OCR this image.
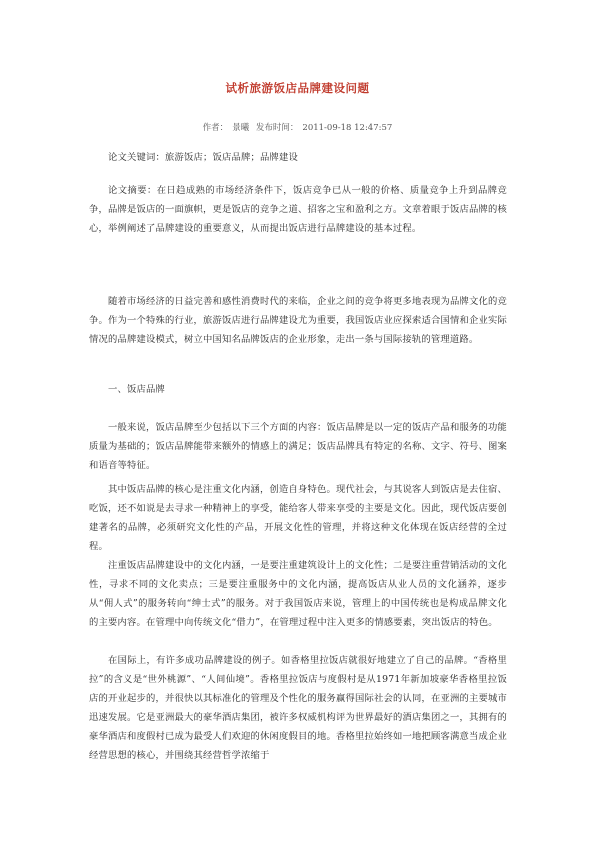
试析旅游饭店品牌建设问题
作者： 景曦 发布时间： 2011-09-18 12:47:57

论文关键词：旅游饭店；饭店品牌；品牌建设

论文摘要：在日趋成熟的市场经济条件下，饭店竞争已从一般的价格、质量竞争上升到品牌竞争，品牌是饭店的一面旗帜，更是饭店的竞争之道、招客之宝和盈利之方。文章着眼于饭店品牌的核心，举例阐述了品牌建设的重要意义，从而提出饭店进行品牌建设的基本过程。

随着市场经济的日益完善和感性消费时代的来临，企业之间的竞争将更多地表现为品牌文化的竞争。作为一个特殊的行业，旅游饭店进行品牌建设尤为重要，我国饭店业应探索适合国情和企业实际情况的品牌建设模式，树立中国知名品牌饭店的企业形象，走出一条与国际接轨的管理道路。

一、饭店品牌

一般来说，饭店品牌至少包括以下三个方面的内容：饭店品牌是以一定的饭店产品和服务的功能质量为基础的；饭店品牌能带来额外的情感上的满足；饭店品牌具有特定的名称、文字、符号、图案和语音等特征。

其中饭店品牌的核心是注重文化内涵，创造自身特色。现代社会，与其说客人到饭店是去住宿、吃饭，还不如说是去寻求一种精神上的享受，能给客人带来享受的主要是文化。因此，现代饭店要创建著名的品牌，必须研究文化性的产品，开展文化性的管理，并将这种文化体现在饭店经营的全过程。

注重饭店品牌建设中的文化内涵，一是要注重建筑设计上的文化性；二是要注重营销活动的文化性，寻求不同的文化卖点；三是要注重服务中的文化内涵，提高饭店从业人员的文化涵养，逐步从“佣人式”的服务转向“绅士式”的服务。对于我国饭店来说，管理上的中国传统也是构成品牌文化的主要内容。在管理中向传统文化“借力”，在管理过程中注入更多的情感要素，突出饭店的特色。

在国际上，有许多成功品牌建设的例子。如香格里拉饭店就很好地建立了自己的品牌。“香格里拉”的含义是“世外桃源”、“人间仙境”。香格里拉饭店与度假村是从1971年新加坡豪华香格里拉饭店的开业起步的，并很快以其标准化的管理及个性化的服务赢得国际社会的认同，在亚洲的主要城市迅速发展。它是亚洲最大的豪华酒店集团，被许多权威机构评为世界最好的酒店集团之一，其拥有的豪华酒店和度假村已成为最受人们欢迎的休闲度假目的地。香格里拉始终如一地把顾客满意当成企业经营思想的核心，并围绕其经营哲学浓缩于
